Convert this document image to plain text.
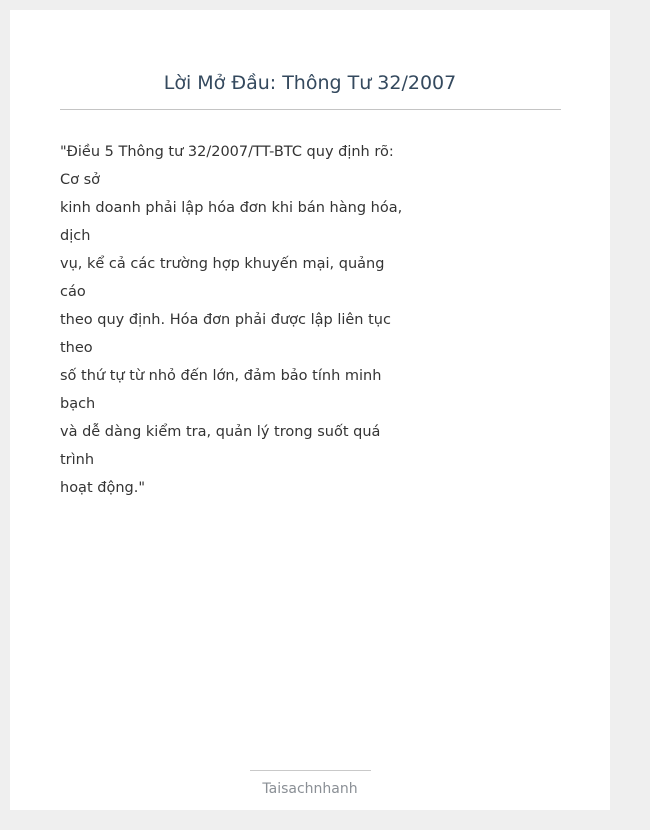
Lời Mở Đầu: Thông Tư 32/2007
"Điều 5 Thông tư 32/2007/TT-BTC quy định rõ:
Cơ sở
kinh doanh phải lập hóa đơn khi bán hàng hóa,
dịch
vụ, kể cả các trường hợp khuyến mại, quảng
cáo
theo quy định. Hóa đơn phải được lập liên tục
theo
số thứ tự từ nhỏ đến lớn, đảm bảo tính minh
bạch
và dễ dàng kiểm tra, quản lý trong suốt quá
trình
hoạt động."
Taisachnhanh
